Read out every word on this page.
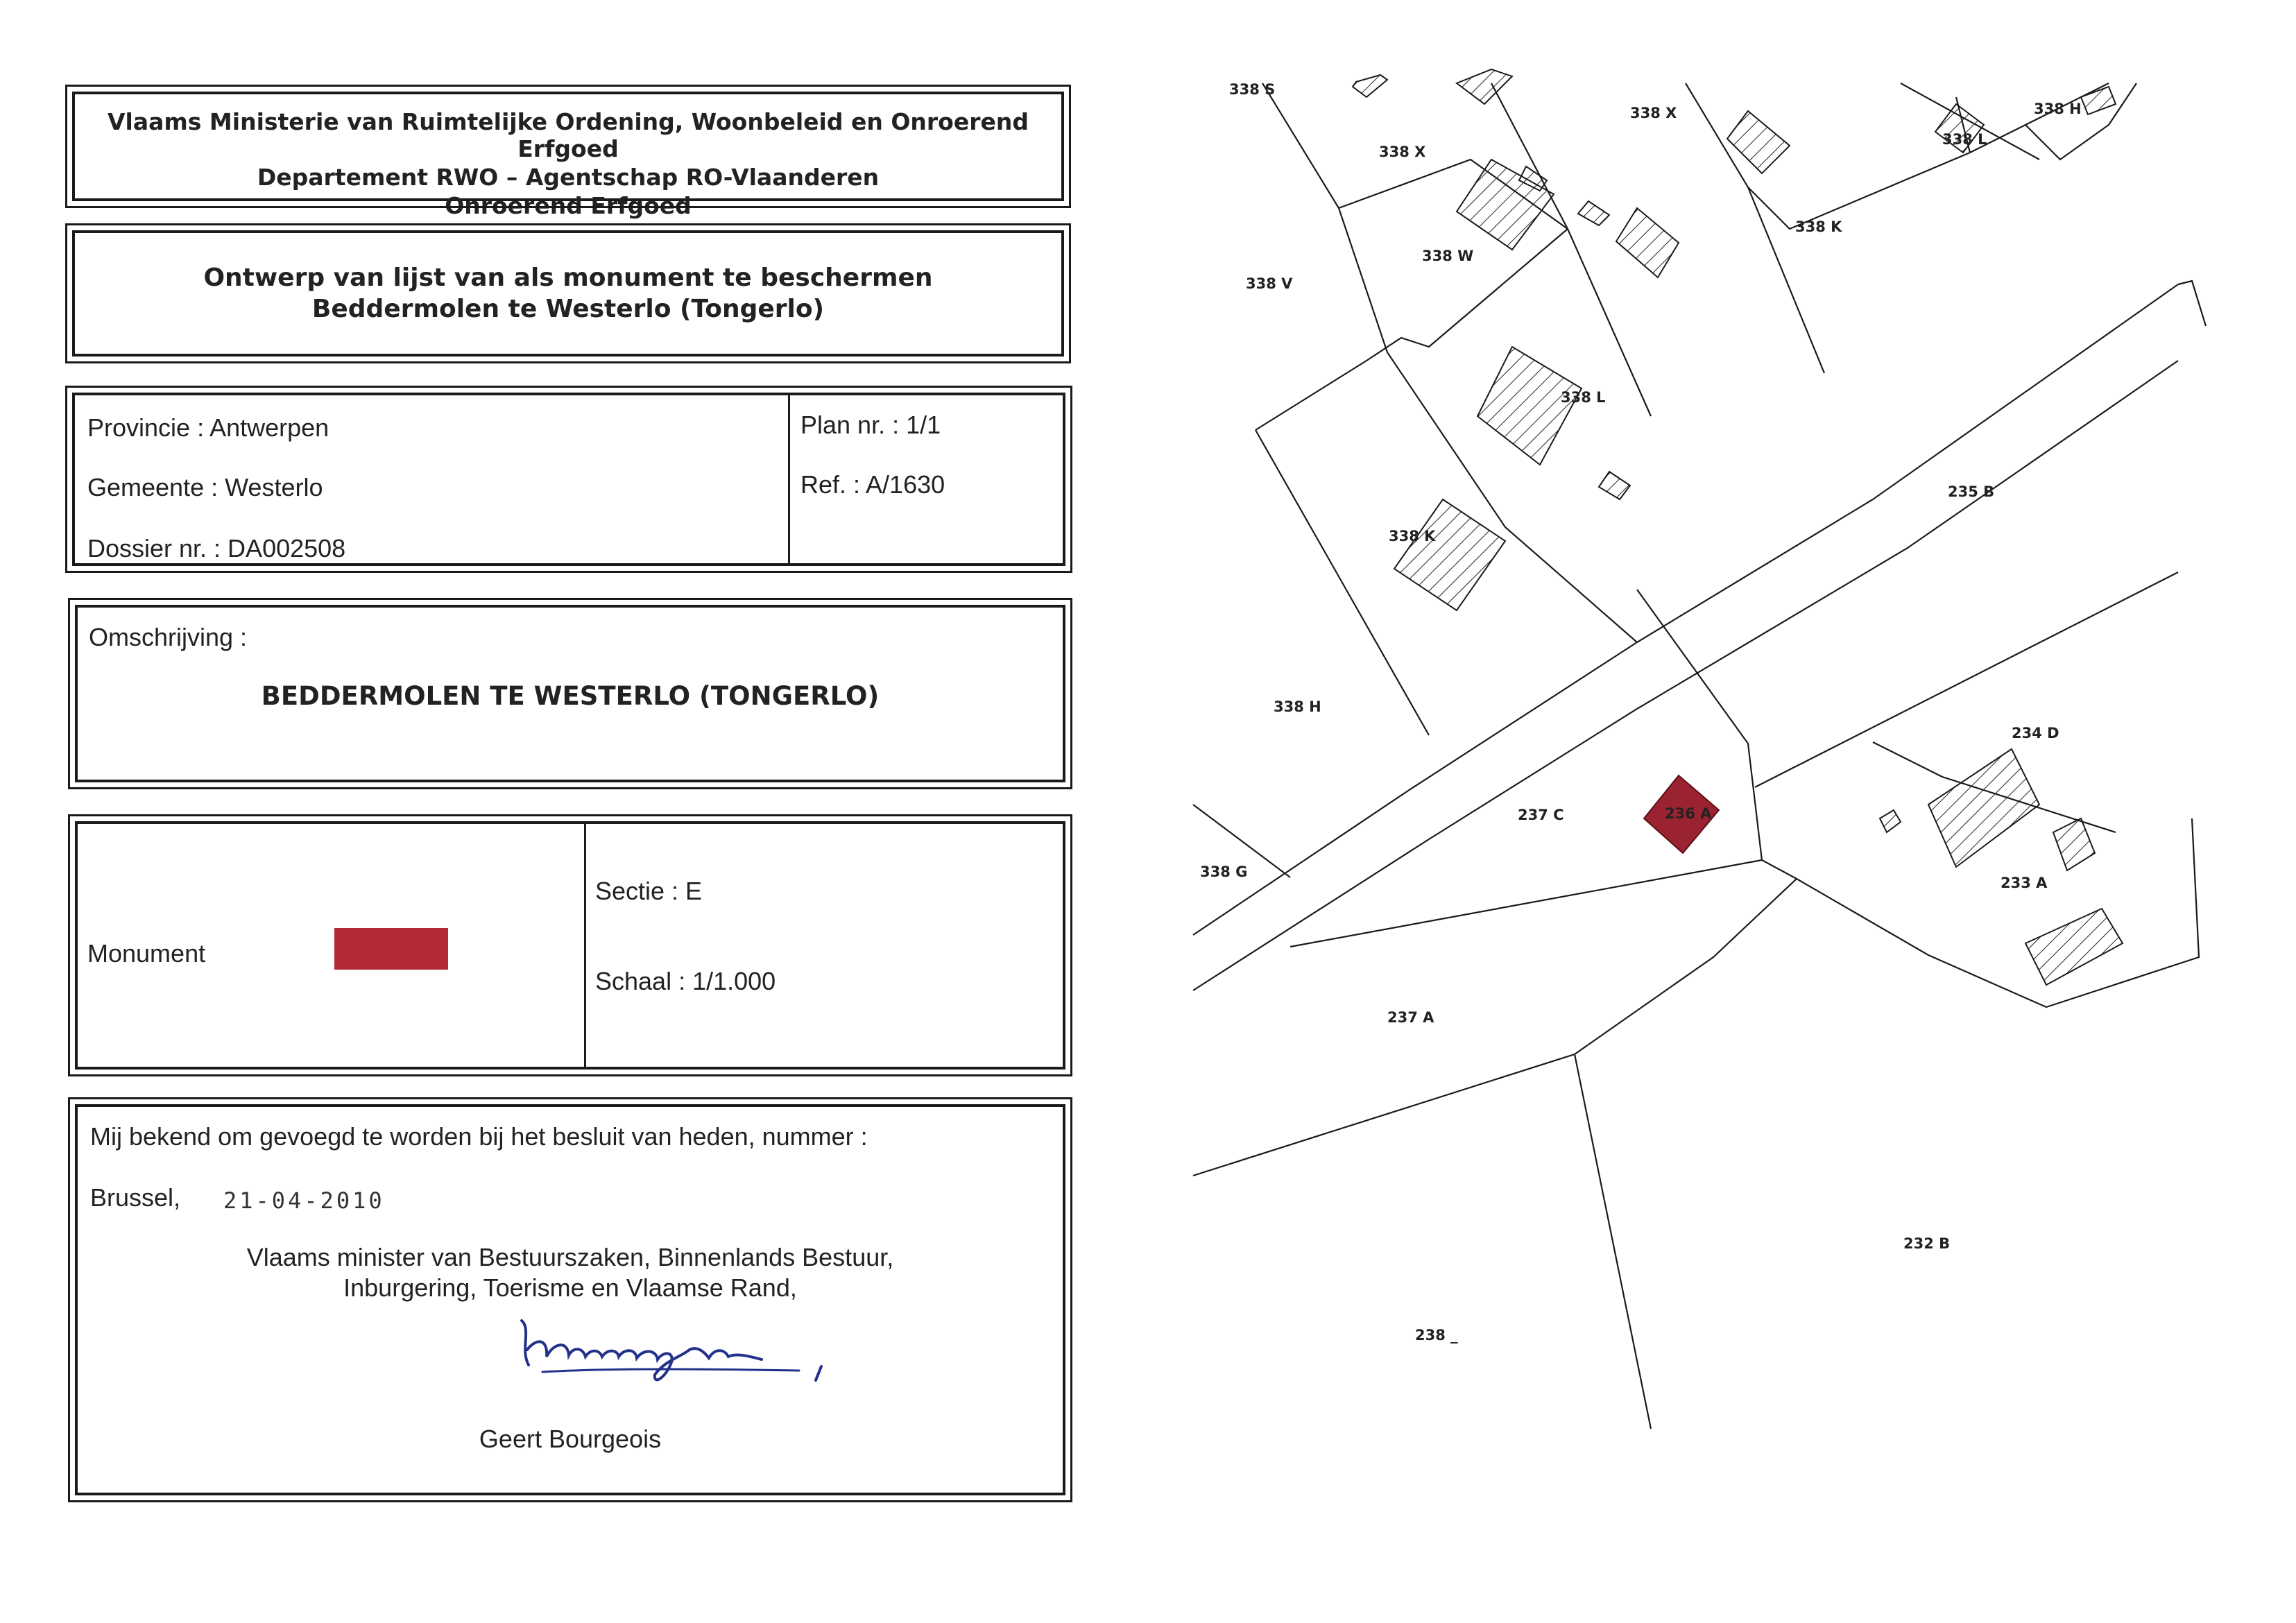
Vlaams Ministerie van Ruimtelijke Ordening, Woonbeleid en Onroerend Erfgoed
Departement RWO – Agentschap RO-Vlaanderen
Onroerend Erfgoed
Ontwerp van lijst van als monument te beschermen
Beddermolen te Westerlo (Tongerlo)
Provincie : Antwerpen
Gemeente : Westerlo
Dossier nr. : DA002508
Plan nr. : 1/1
Ref. : A/1630
Omschrijving :
BEDDERMOLEN TE WESTERLO (TONGERLO)
Monument
Sectie : E
Schaal : 1/1.000
Mij bekend om gevoegd te worden bij het besluit van heden, nummer :
Brussel, 21-04-2010
Vlaams minister van Bestuurszaken, Binnenlands Bestuur,
Inburgering, Toerisme en Vlaamse Rand,
Geert Bourgeois
338 S
338 X
338 X
338 L
338 H
338 K
338 W
338 V
338 L
235 B
338 K
338 H
234 D
237 C	236 A
338 G
233 A
237 A
232 B
238 _
